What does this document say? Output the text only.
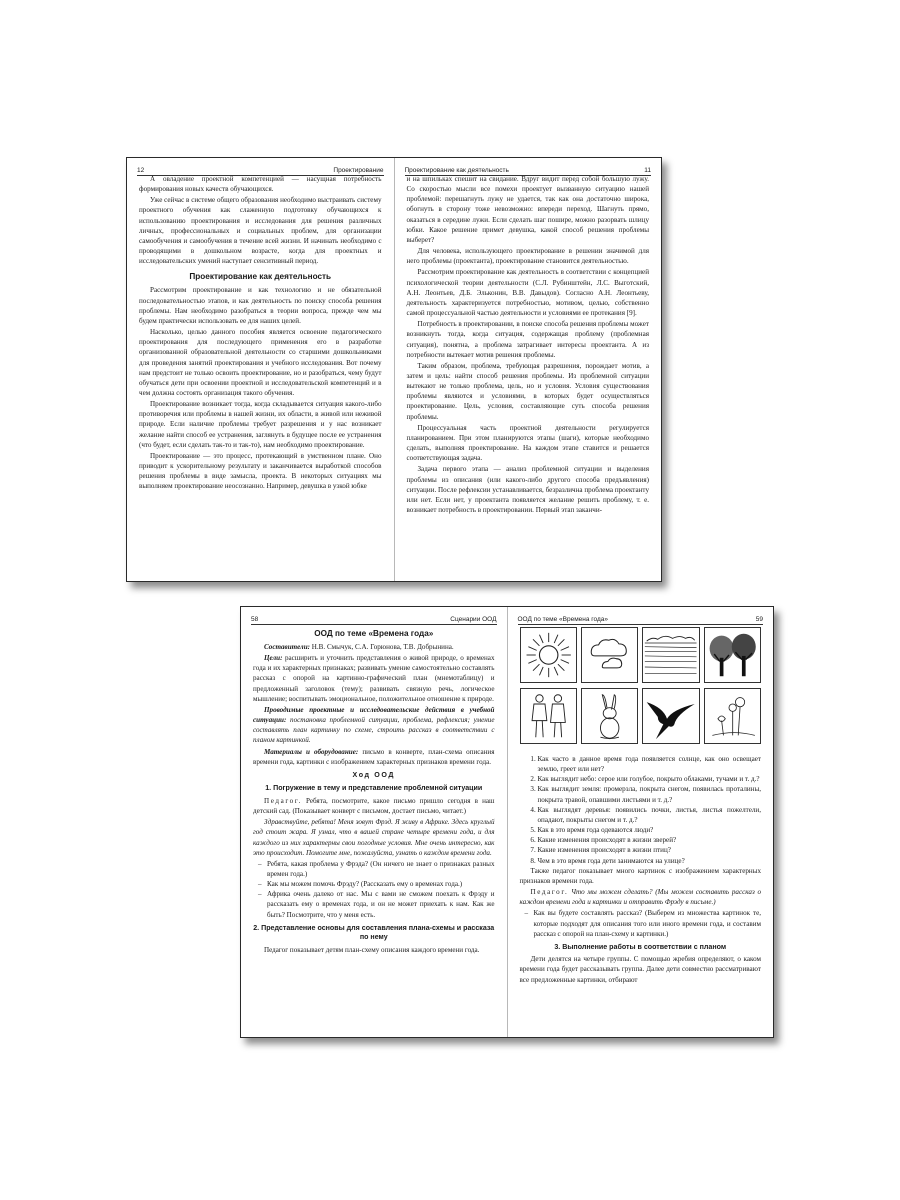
12	Проектирование

А овладение проектной компетенцией — насущная потребность формирования новых качеств обучающихся.

Уже сейчас в системе общего образования необходимо выстраивать систему проектного обучения как слаженную подготовку обучающихся к использованию проектирования и исследования для решения различных личных, профессиональных и социальных проблем, для организации самообучения и самообучения в течение всей жизни. И начинать необходимо с проводящими в дошкольном возрасте, когда для проектных и исследовательских умений наступает сенситивный период.

Проектирование как деятельность

Рассмотрим проектирование и как технологию и не обязательной последовательностью этапов, и как деятельность по поиску способа решения проблемы. Нам необходимо разобраться в теории вопроса, прежде чем мы будем практически использовать ее для наших целей.

Насколько, целью данного пособия является освоение педагогического проектирования для последующего применения его в разработке организованной образовательной деятельности со старшими дошкольниками для проведения занятий проектирования и учебного исследования. Вот почему нам предстоит не только освоить проектирование, но и разобраться, чему будут обучаться дети при освоении проектной и исследовательской компетенций и в чем должна состоять организация такого обучения.

Проектирование возникает тогда, когда складывается ситуация какого-либо противоречия или проблемы в нашей жизни, их области, в живой или неживой природе. Если наличие проблемы требует разрешения и у нас возникает желание найти способ ее устранения, заглянуть в будущее после ее устранения (что будет, если сделать так-то и так-то), нам необходимо проектирование.

Проектирование — это процесс, протекающий в умственном плане. Оно приводит к ускорительному результату и заканчивается выработкой способов решения проблемы в виде замысла, проекта. В некоторых ситуациях мы выполняем проектирование неосознанно. Например, девушка в узкой юбке

Проектирование как деятельность	11

и на шпильках спешит на свидание. Вдруг видит перед собой большую лужу. Со скоростью мысли все помехи проектует вызванную ситуацию нашей проблемой: перешагнуть лужу не удается, так как она достаточно широка, обогнуть в сторону тоже невозможно: впереди переход. Шагнуть прямо, оказаться в середине лужи. Если сделать шаг пошире, можно разорвать шлицу юбки. Какое решение примет девушка, какой способ решения проблемы выберет?

Для человека, использующего проектирование в решении значимой для него проблемы (проектанта), проектирование становится деятельностью.

Рассмотрим проектирование как деятельность в соответствии с концепцией психологической теории деятельности (С.Л. Рубинштейн, Л.С. Выготский, А.Н. Леонтьев, Д.Б. Эльконин, В.В. Давыдов). Согласно А.Н. Леонтьеву, деятельность характеризуется потребностью, мотивом, целью, собственно самой процессуальной частью деятельности и условиями ее протекания [9].

Потребность в проектировании, в поиске способа решения проблемы может возникнуть тогда, когда ситуация, содержащая проблему (проблемная ситуация), понятна, а проблема затрагивает интересы проектанта. А из потребности вытекает мотив решения проблемы.

Таким образом, проблема, требующая разрешения, порождает мотив, а затем и цель: найти способ решения проблемы. Из проблемной ситуации вытекают не только проблема, цель, но и условия. Условия существования проблемы являются и условиями, в которых будет осуществляться проектирование. Цель, условия, составляющие суть способа решения проблемы.

Процессуальная часть проектной деятельности регулируется планированием. При этом планируются этапы (шаги), которые необходимо сделать, выполняя проектирование. На каждом этапе ставится и решается соответствующая задача.

Задача первого этапа — анализ проблемной ситуации и выделения проблемы из описания (или какого-либо другого способа предъявления) ситуации. После рефлексии устанавливается, безразлична проблема проектанту или нет. Если нет, у проектанта появляется желание решить проблему, т. е. возникает потребность в проектировании. Первый этап заканчи-

58	Сценарии ООД
ООД по теме «Времена года»

Составители: Н.В. Смычук, С.А. Горюнова, Т.В. Добрынина.

Цели: расширить и уточнить представления о живой природе, о временах года и их характерных признаках; развивать умение самостоятельно составлять рассказ с опорой на картинно-графический план (мнемотаблицу) и предложенный заголовок (тему); развивать связную речь, логическое мышление; воспитывать эмоциональное, положительное отношение к природе.

Проводимые проектные и исследовательские действия в учебной ситуации: постановка проблемной ситуации, проблема, рефлексия; умение составлять план картинку по схеме, строить рассказ в соответствии с планом картинкой.

Материалы и оборудование: письмо в конверте, план-схема описания времени года, картинки с изображением характерных признаков времени года.

Ход ООД
1. Погружение в тему и представление проблемной ситуации

Педагог. Ребята, посмотрите, какое письмо пришло сегодня в наш детский сад. (Показывает конверт с письмом, достает письмо, читает.)

Здравствуйте, ребята! Меня зовут Фрэд. Я живу в Африке. Здесь круглый год стоит жара. Я узнал, что в вашей стране четыре времени года, и для каждого из них характерны свои погодные условия. Мне очень интересно, как это происходит. Помогите мне, пожалуйста, узнать о каждом времени года.

– Ребята, какая проблема у Фрэда? (Он ничего не знает о признаках разных времен года.)
– Как мы можем помочь Фрэду? (Рассказать ему о временах года.)
– Африка очень далеко от нас. Мы с вами не сможем поехать к Фрэду и рассказать ему о временах года, и он не может приехать к нам. Как же быть? Посмотрите, что у меня есть.
2. Представление основы для составления плана-схемы и рассказа по нему

Педагог показывает детям план-схему описания каждого времени года.

ООД по теме «Времена года»	59
1. Как часто в данное время года появляется солнце, как оно освещает землю, греет или нет?
2. Как выглядит небо: серое или голубое, покрыто облаками, тучами и т. д.?
3. Как выглядит земля: промерзла, покрыта снегом, появилась проталины, покрыта травой, опавшими листьями и т. д.?
4. Как выглядят деревья: появились почки, листья, листья пожелтели, опадают, покрыты снегом и т. д.?
5. Как в это время года одеваются люди?
6. Какие изменения происходят в жизни зверей?
7. Какие изменения происходят в жизни птиц?
8. Чем в это время года дети занимаются на улице?

Также педагог показывает много картинок с изображением характерных признаков времени года.

Педагог. Что мы можем сделать? (Мы можем составить рассказ о каждом времени года и картинки и отправить Фрэду в письме.)

– Как вы будете составлять рассказ? (Выберем из множества картинок те, которые подходят для описания того или иного времени года, и составим рассказ с опорой на план-схему и картинки.)
3. Выполнение работы в соответствии с планом

Дети делятся на четыре группы. С помощью жребия определяют, о каком времени года будет рассказывать группа. Далее дети совместно рассматривают все предложенные картинки, отбирают
